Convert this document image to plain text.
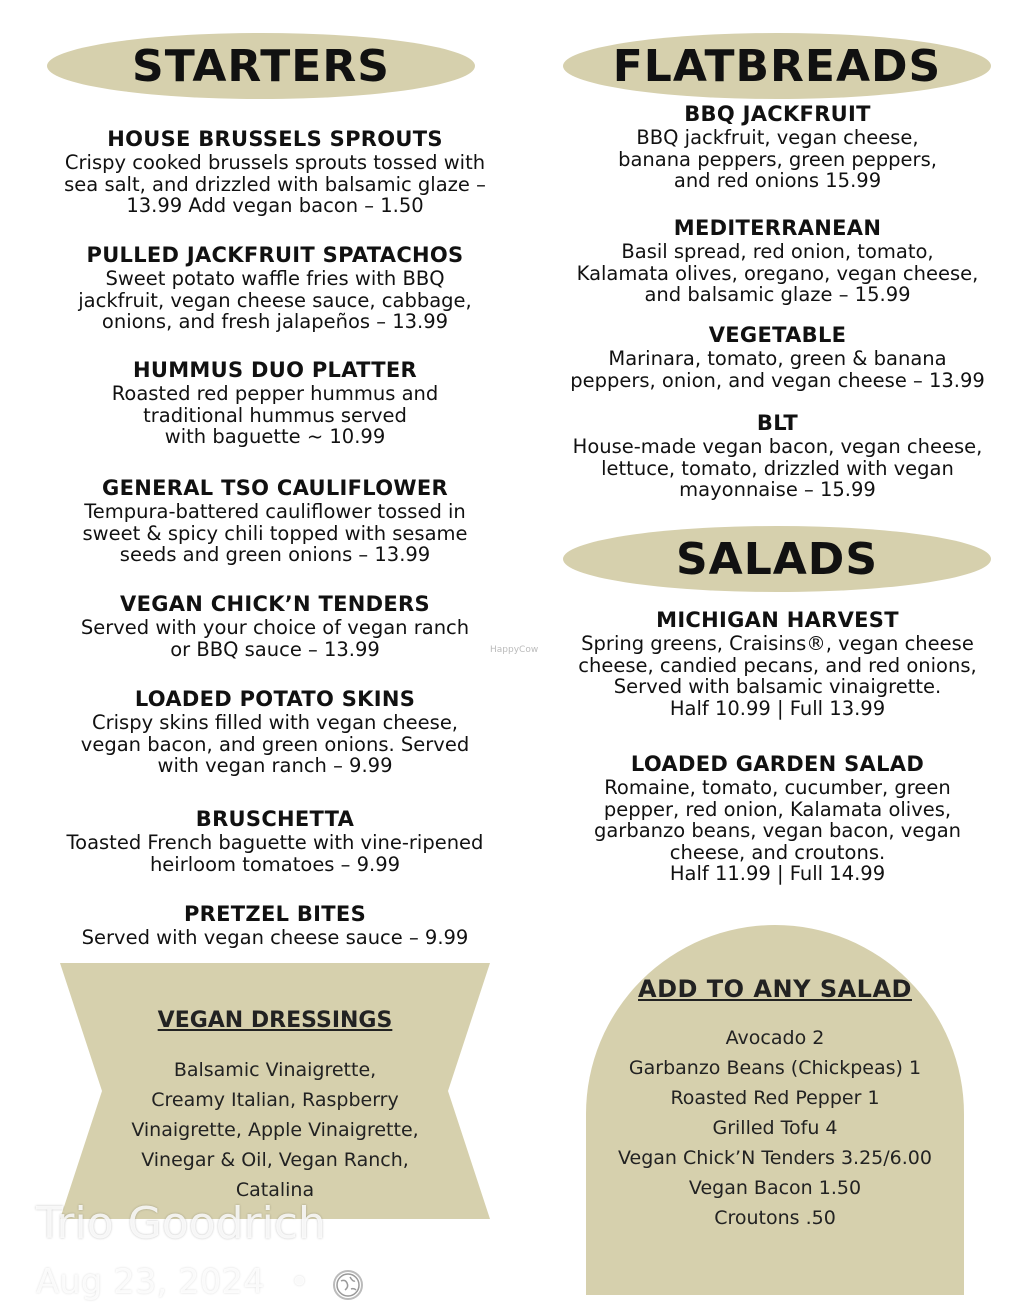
STARTERS	FLATBREADS
HOUSE BRUSSELS SPROUTS
Crispy cooked brussels sprouts tossed with
sea salt, and drizzled with balsamic glaze –
13.99 Add vegan bacon – 1.50
PULLED JACKFRUIT SPATACHOS
Sweet potato waffle fries with BBQ
jackfruit, vegan cheese sauce, cabbage,
onions, and fresh jalapeños – 13.99
HUMMUS DUO PLATTER
Roasted red pepper hummus and
traditional hummus served
with baguette ~ 10.99
GENERAL TSO CAULIFLOWER
Tempura-battered cauliflower tossed in
sweet & spicy chili topped with sesame
seeds and green onions – 13.99
VEGAN CHICK’N TENDERS
Served with your choice of vegan ranch
or BBQ sauce – 13.99
LOADED POTATO SKINS
Crispy skins filled with vegan cheese,
vegan bacon, and green onions. Served
with vegan ranch – 9.99
BRUSCHETTA
Toasted French baguette with vine-ripened
heirloom tomatoes – 9.99
PRETZEL BITES
Served with vegan cheese sauce – 9.99
HappyCow
BBQ JACKFRUIT
BBQ jackfruit, vegan cheese,
banana peppers, green peppers,
and red onions 15.99
MEDITERRANEAN
Basil spread, red onion, tomato,
Kalamata olives, oregano, vegan cheese,
and balsamic glaze – 15.99
VEGETABLE
Marinara, tomato, green & banana
peppers, onion, and vegan cheese – 13.99
BLT
House-made vegan bacon, vegan cheese,
lettuce, tomato, drizzled with vegan
mayonnaise – 15.99
SALADS
MICHIGAN HARVEST
Spring greens, Craisins®, vegan cheese
cheese, candied pecans, and red onions,
Served with balsamic vinaigrette.
Half 10.99 | Full 13.99
LOADED GARDEN SALAD
Romaine, tomato, cucumber, green
pepper, red onion, Kalamata olives,
garbanzo beans, vegan bacon, vegan
cheese, and croutons.
Half 11.99 | Full 14.99
VEGAN DRESSINGS
Balsamic Vinaigrette,
Creamy Italian, Raspberry
Vinaigrette, Apple Vinaigrette,
Vinegar & Oil, Vegan Ranch,
Catalina
ADD TO ANY SALAD
Avocado 2
Garbanzo Beans (Chickpeas) 1
Roasted Red Pepper 1
Grilled Tofu 4
Vegan Chick’N Tenders 3.25/6.00
Vegan Bacon 1.50
Croutons .50
Trio Goodrich
Aug 23, 2024 •
